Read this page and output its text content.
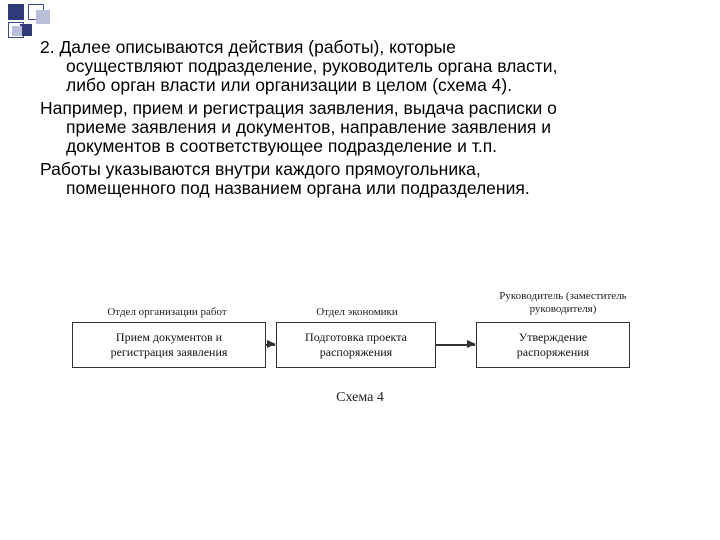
2. Далее описываются действия (работы), которые
осуществляют подразделение, руководитель органа власти,
либо орган власти или организации в целом (схема 4).

Например, прием и регистрация заявления, выдача расписки о
приеме заявления и документов, направление заявления и
документов в соответствующее подразделение и т.п.

Работы указываются внутри каждого прямоугольника,
помещенного под названием органа или подразделения.

Отдел организации работ	Отдел экономики
Руководитель (заместитель
руководителя)
Прием документов и
регистрация заявления
Подготовка проекта
распоряжения
Утверждение
распоряжения
Схема 4
